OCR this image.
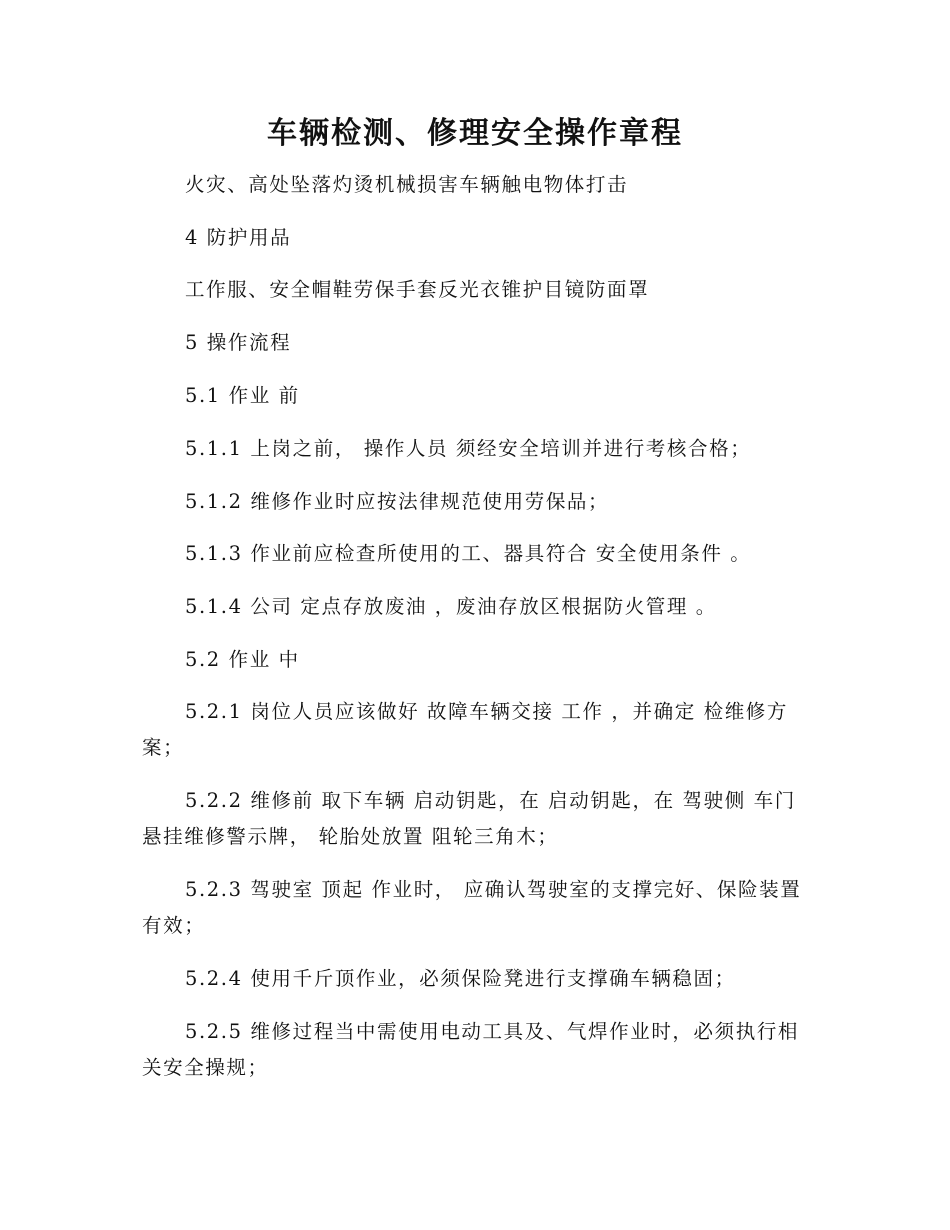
车辆检测、修理安全操作章程
火灾、高处坠落灼烫机械损害车辆触电物体打击
4 防护用品
工作服、安全帽鞋劳保手套反光衣锥护目镜防面罩
5 操作流程
5.1 作业 前
5.1.1 上岗之前， 操作人员 须经安全培训并进行考核合格；
5.1.2 维修作业时应按法律规范使用劳保品；
5.1.3 作业前应检查所使用的工、器具符合 安全使用条件 。
5.1.4 公司 定点存放废油 ，废油存放区根据防火管理 。
5.2 作业 中
5.2.1 岗位人员应该做好 故障车辆交接 工作 ，并确定 检维修方案；
5.2.2 维修前 取下车辆 启动钥匙，在 启动钥匙，在 驾驶侧 车门悬挂维修警示牌， 轮胎处放置 阻轮三角木；
5.2.3 驾驶室 顶起 作业时， 应确认驾驶室的支撑完好、保险装置有效；
5.2.4 使用千斤顶作业，必须保险凳进行支撑确车辆稳固；
5.2.5 维修过程当中需使用电动工具及、气焊作业时，必须执行相关安全操规；
